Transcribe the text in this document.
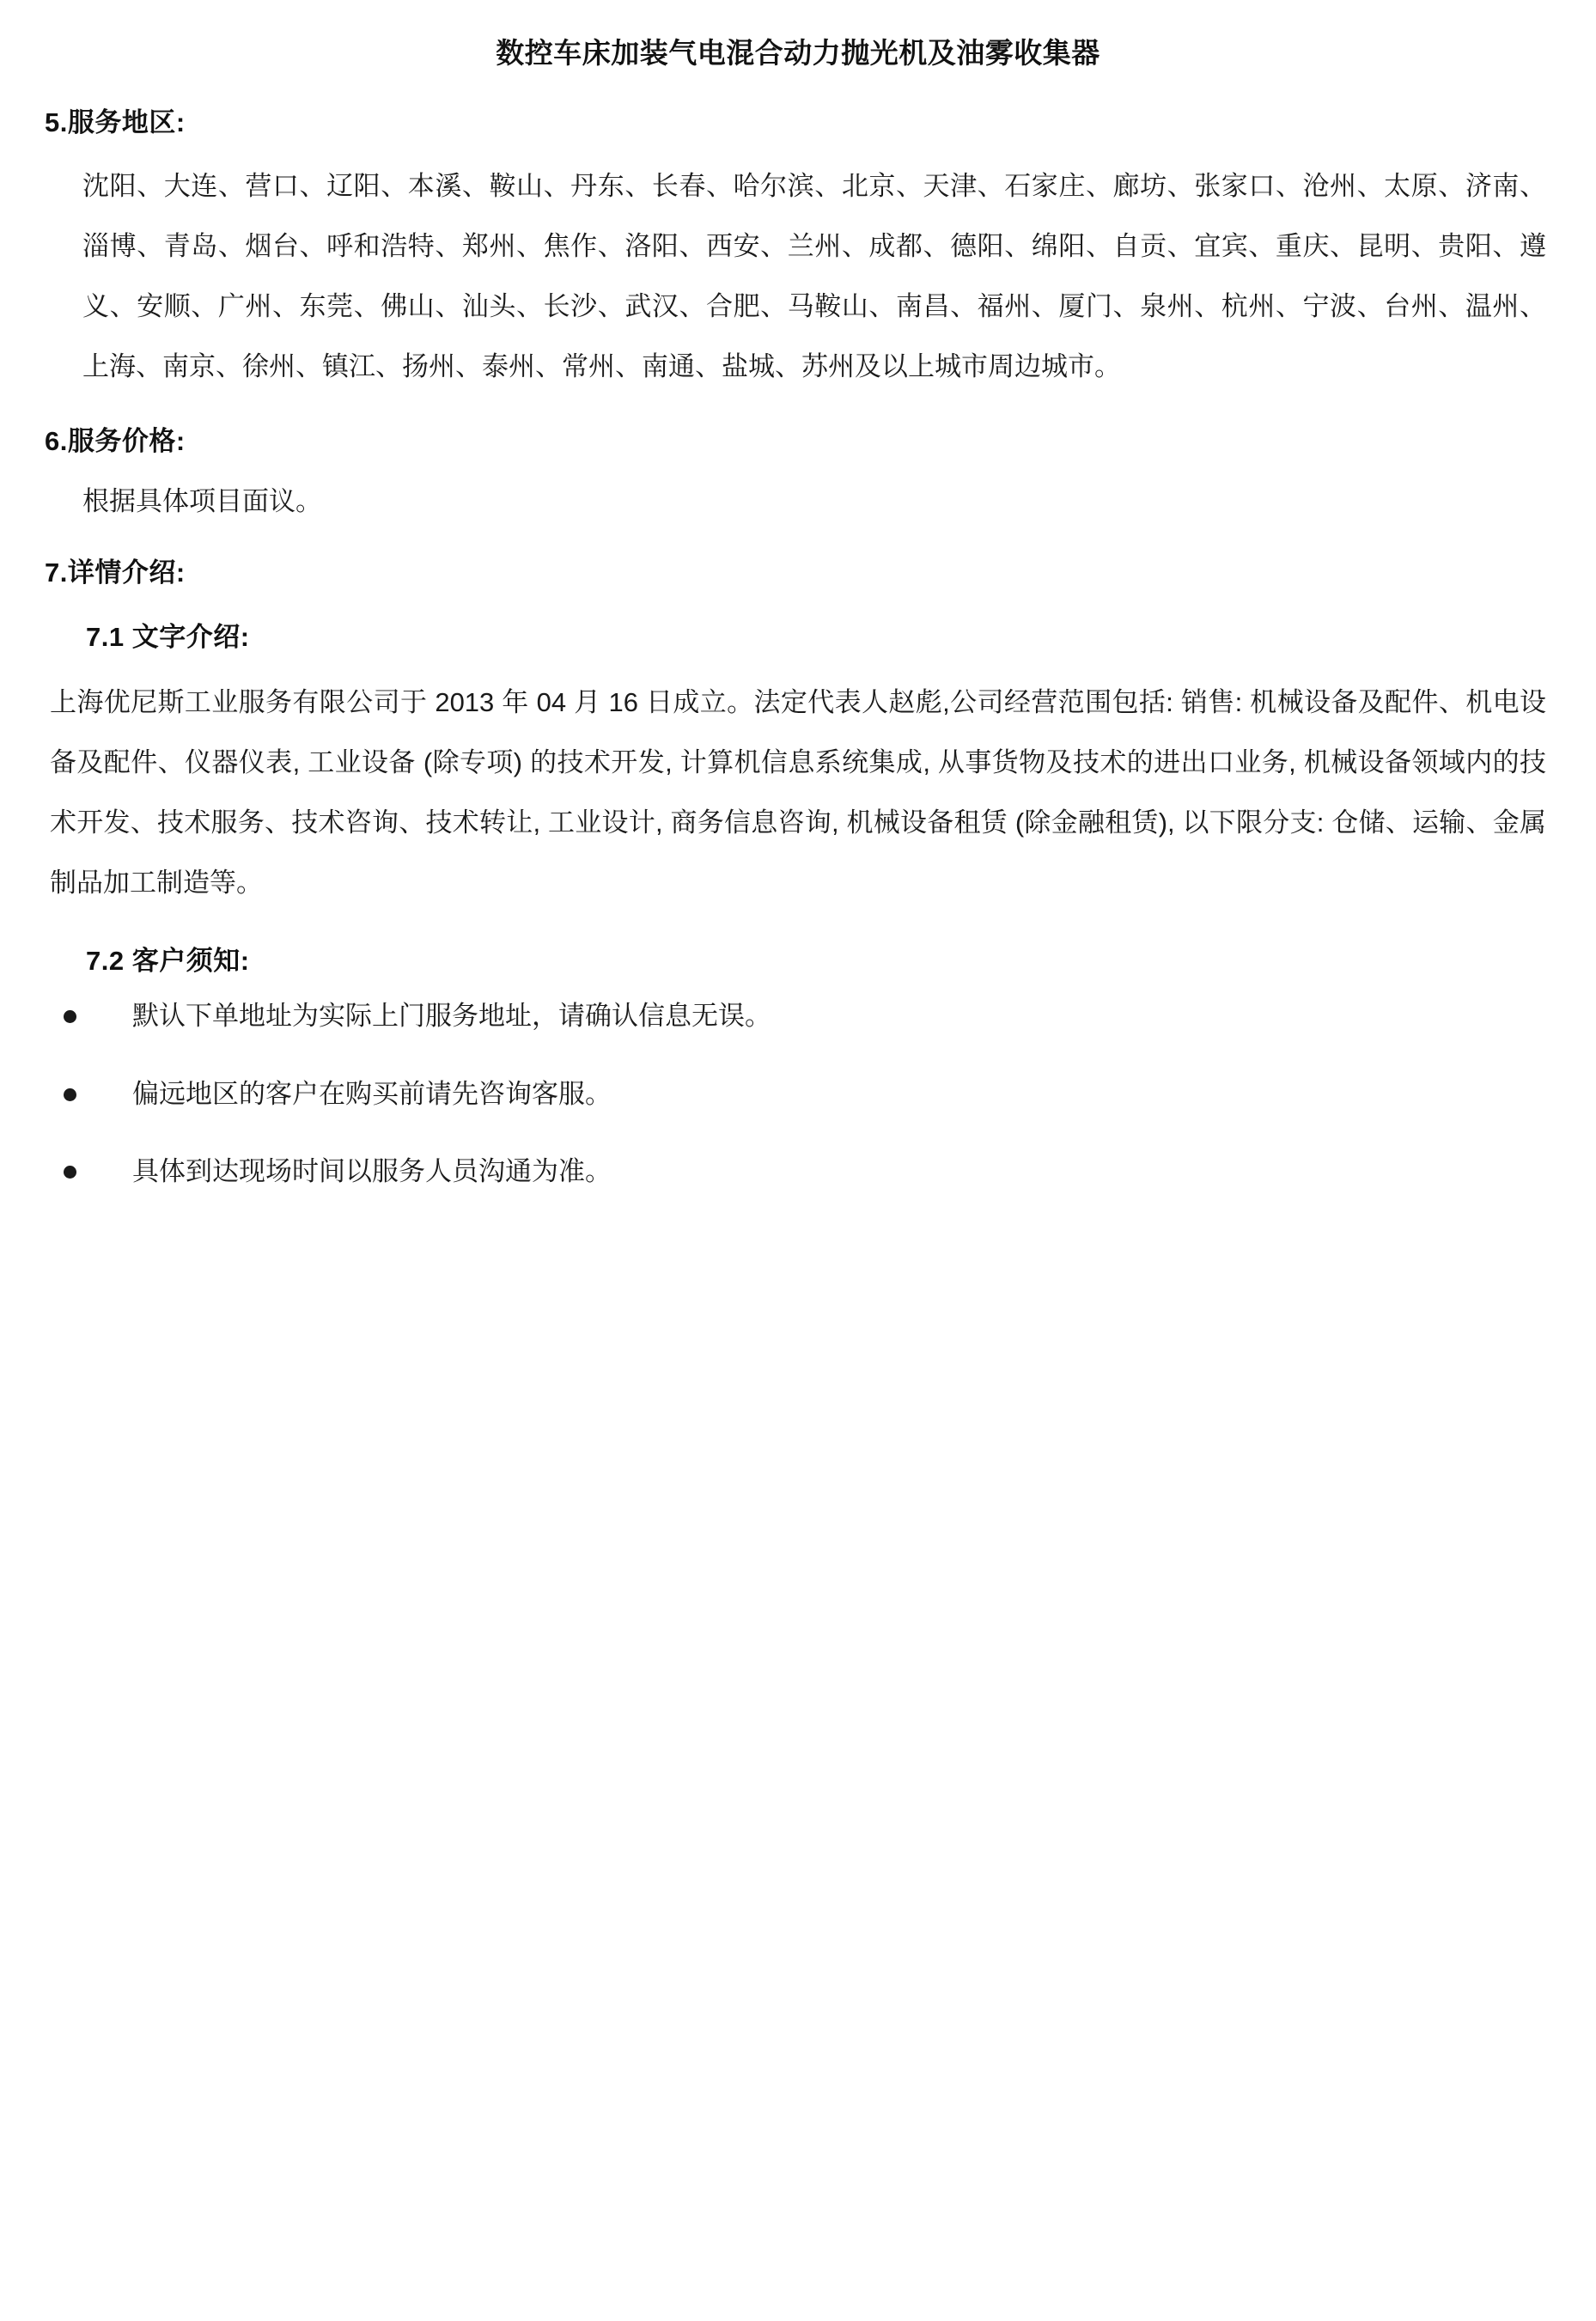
数控车床加装气电混合动力抛光机及油雾收集器
5.服务地区:

沈阳、大连、营口、辽阳、本溪、鞍山、丹东、长春、哈尔滨、北京、天津、石家庄、廊坊、张家口、沧州、太原、济南、淄博、青岛、烟台、呼和浩特、郑州、焦作、洛阳、西安、兰州、成都、德阳、绵阳、自贡、宜宾、重庆、昆明、贵阳、遵义、安顺、广州、东莞、佛山、汕头、长沙、武汉、合肥、马鞍山、南昌、福州、厦门、泉州、杭州、宁波、台州、温州、上海、南京、徐州、镇江、扬州、泰州、常州、南通、盐城、苏州及以上城市周边城市。

6.服务价格:

根据具体项目面议。

7.详情介绍:
7.1 文字介绍:

上海优尼斯工业服务有限公司于 2013 年 04 月 16 日成立。法定代表人赵彪,公司经营范围包括: 销售: 机械设备及配件、机电设备及配件、仪器仪表, 工业设备 (除专项) 的技术开发, 计算机信息系统集成, 从事货物及技术的进出口业务, 机械设备领域内的技术开发、技术服务、技术咨询、技术转让, 工业设计, 商务信息咨询, 机械设备租赁 (除金融租赁), 以下限分支: 仓储、运输、金属制品加工制造等。

7.2 客户须知:
默认下单地址为实际上门服务地址，请确认信息无误。
偏远地区的客户在购买前请先咨询客服。
具体到达现场时间以服务人员沟通为准。
